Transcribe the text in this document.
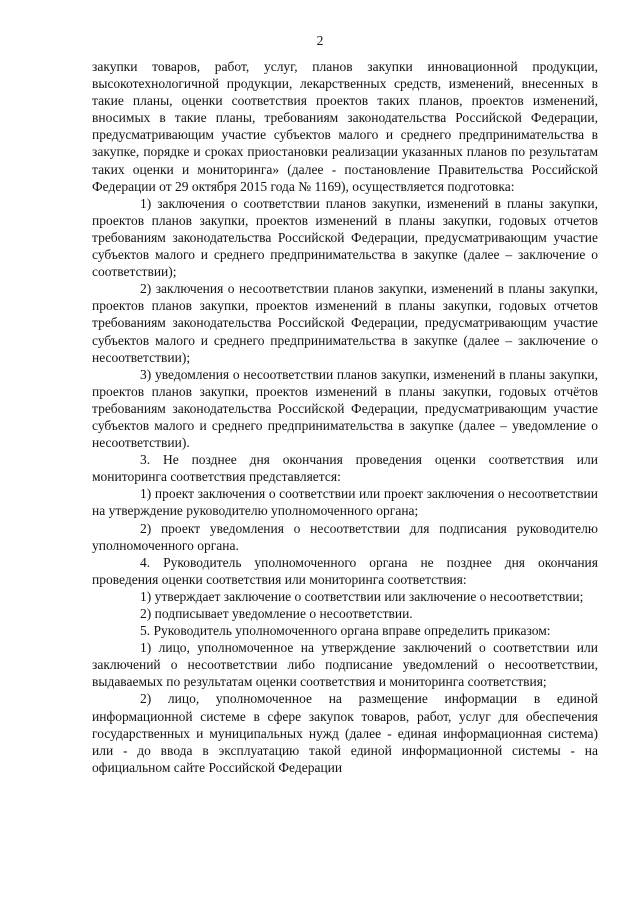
2

закупки товаров, работ, услуг, планов закупки инновационной продукции, высокотехнологичной продукции, лекарственных средств, изменений, внесенных в такие планы, оценки соответствия проектов таких планов, проектов изменений, вносимых в такие планы, требованиям законодательства Российской Федерации, предусматривающим участие субъектов малого и среднего предпринимательства в закупке, порядке и сроках приостановки реализации указанных планов по результатам таких оценки и мониторинга» (далее - постановление Правительства Российской Федерации от 29 октября 2015 года № 1169), осуществляется подготовка:

1) заключения о соответствии планов закупки, изменений в планы закупки, проектов планов закупки, проектов изменений в планы закупки, годовых отчетов требованиям законодательства Российской Федерации, предусматривающим участие субъектов малого и среднего предпринимательства в закупке (далее – заключение о соответствии);

2) заключения о несоответствии планов закупки, изменений в планы закупки, проектов планов закупки, проектов изменений в планы закупки, годовых отчетов требованиям законодательства Российской Федерации, предусматривающим участие субъектов малого и среднего предпринимательства в закупке (далее – заключение о несоответствии);

3) уведомления о несоответствии планов закупки, изменений в планы закупки, проектов планов закупки, проектов изменений в планы закупки, годовых отчётов требованиям законодательства Российской Федерации, предусматривающим участие субъектов малого и среднего предпринимательства в закупке (далее – уведомление о несоответствии).

3. Не позднее дня окончания проведения оценки соответствия или мониторинга соответствия представляется:

1) проект заключения о соответствии или проект заключения о несоответствии на утверждение руководителю уполномоченного органа;

2) проект уведомления о несоответствии для подписания руководителю уполномоченного органа.

4. Руководитель уполномоченного органа не позднее дня окончания проведения оценки соответствия или мониторинга соответствия:

1) утверждает заключение о соответствии или заключение о несоответствии;

2) подписывает уведомление о несоответствии.

5. Руководитель уполномоченного органа вправе определить приказом:

1) лицо, уполномоченное на утверждение заключений о соответствии или заключений о несоответствии либо подписание уведомлений о несоответствии, выдаваемых по результатам оценки соответствия и мониторинга соответствия;

2) лицо, уполномоченное на размещение информации в единой информационной системе в сфере закупок товаров, работ, услуг для обеспечения государственных и муниципальных нужд (далее - единая информационная система) или - до ввода в эксплуатацию такой единой информационной системы - на официальном сайте Российской Федерации
